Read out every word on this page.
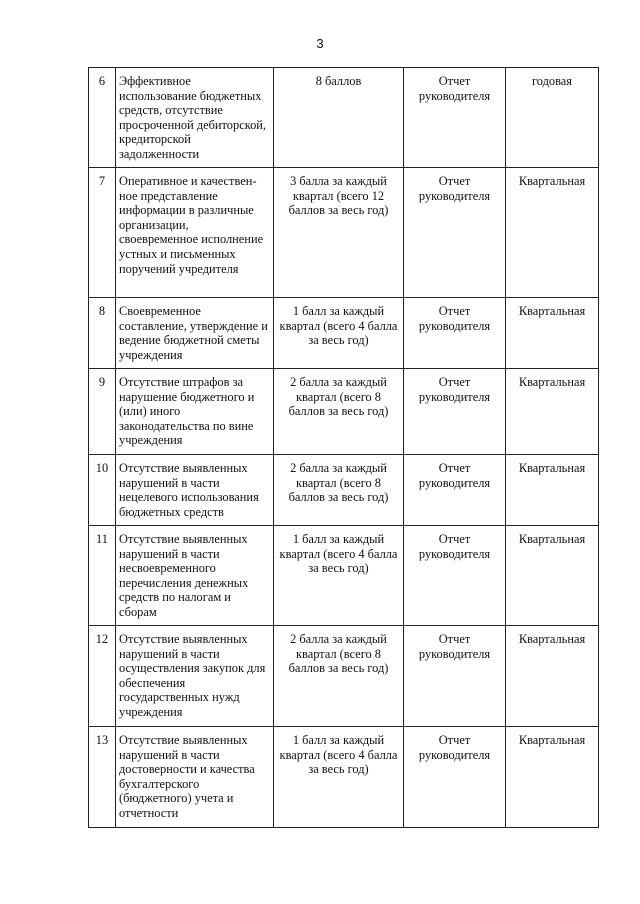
3
6	Эффективное использование бюджетных средств, отсутствие просроченной дебиторской, кредиторской задолженности	8 баллов	Отчет руководителя	годовая
7	Оперативное и качествен-ное представление информации в различные организации, своевременное исполнение устных и письменных поручений учредителя	3 балла за каждый квартал (всего 12 баллов за весь год)	Отчет руководителя	Квартальная
8	Своевременное составление, утверждение и ведение бюджетной сметы учреждения	1 балл за каждый квартал (всего 4 балла за весь год)	Отчет руководителя	Квартальная
9	Отсутствие штрафов за нарушение бюджетного и (или) иного законодательства по вине учреждения	2 балла за каждый квартал (всего 8 баллов за весь год)	Отчет руководителя	Квартальная
10	Отсутствие выявленных нарушений в части нецелевого использования бюджетных средств	2 балла за каждый квартал (всего 8 баллов за весь год)	Отчет руководителя	Квартальная
11	Отсутствие выявленных нарушений в части несвоевременного перечисления денежных средств по налогам и сборам	1 балл за каждый квартал (всего 4 балла за весь год)	Отчет руководителя	Квартальная
12	Отсутствие выявленных нарушений в части осуществления закупок для обеспечения государственных нужд учреждения	2 балла за каждый квартал (всего 8 баллов за весь год)	Отчет руководителя	Квартальная
13	Отсутствие выявленных нарушений в части достоверности и качества бухгалтерского (бюджетного) учета и отчетности	1 балл за каждый квартал (всего 4 балла за весь год)	Отчет руководителя	Квартальная
